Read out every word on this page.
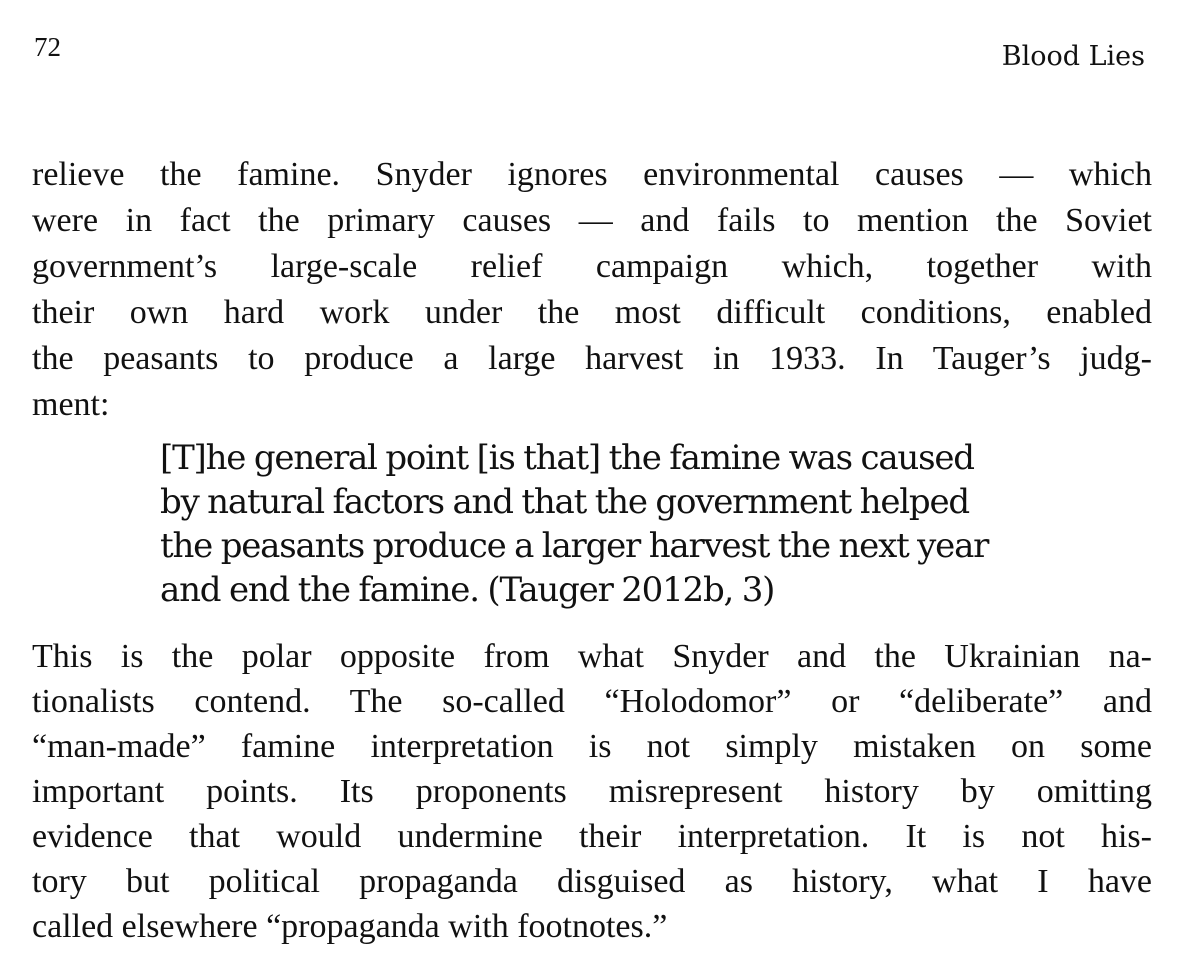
72	Blood Lies
relieve the famine. Snyder ignores environmental causes — which
were in fact the primary causes — and fails to mention the Soviet
government’s large-scale relief campaign which, together with
their own hard work under the most difficult conditions, enabled
the peasants to produce a large harvest in 1933. In Tauger’s judg-
ment:
[T]he general point [is that] the famine was caused
by natural factors and that the government helped
the peasants produce a larger harvest the next year
and end the famine. (Tauger 2012b, 3)
This is the polar opposite from what Snyder and the Ukrainian na-
tionalists contend. The so-called “Holodomor” or “deliberate” and
“man-made” famine interpretation is not simply mistaken on some
important points. Its proponents misrepresent history by omitting
evidence that would undermine their interpretation. It is not his-
tory but political propaganda disguised as history, what I have
called elsewhere “propaganda with footnotes.”
